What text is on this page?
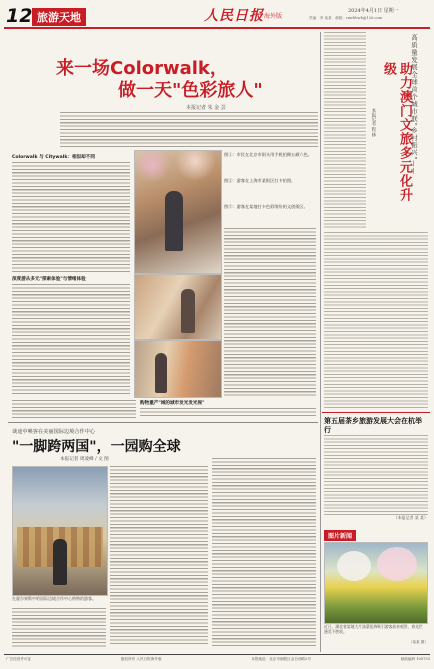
12 旅游天地	人民日报 海外版
2024年4月1日 星期一
责编：李 某某　邮箱：rmrbhwb@126.com
来一场Colorwalk，
做一天"色彩旅人"
本报记者 朱 金 芸
Colorwalk 与 Citywalk：相似却不同
深度游从多元"探索体验"与情绪体验
图①：市民在北京市街头用手机拍摄五颜六色。
图②：游客在上海市某街区打卡拍照。
图③：游客在某地打卡色彩缤纷的文创街区。
购物重产"城的城市发光发光视"
谈途中唤客在美丽国际边境合作中心
"一脚跨两国"，一园购全球
本报记者 周凌峰 / 文 图
在霍尔果斯中哈国际边境合作中心购物的游客。
高质量发展全球首个城市联"乡村振兴"——
助力澳门文旅多元化升级
本报记者 程 林
第五届茶乡旅游发展大会在杭举行
（本报记者 某 某）
图片新闻
近日，湖北省某地大片油菜花海吸引游客前来观赏，春光烂漫美不胜收。
（某某 摄）
广告经营许可证	版权所有 人民日报海外版	本报地址：北京市朝阳区金台西路2号	邮政编码 100733
